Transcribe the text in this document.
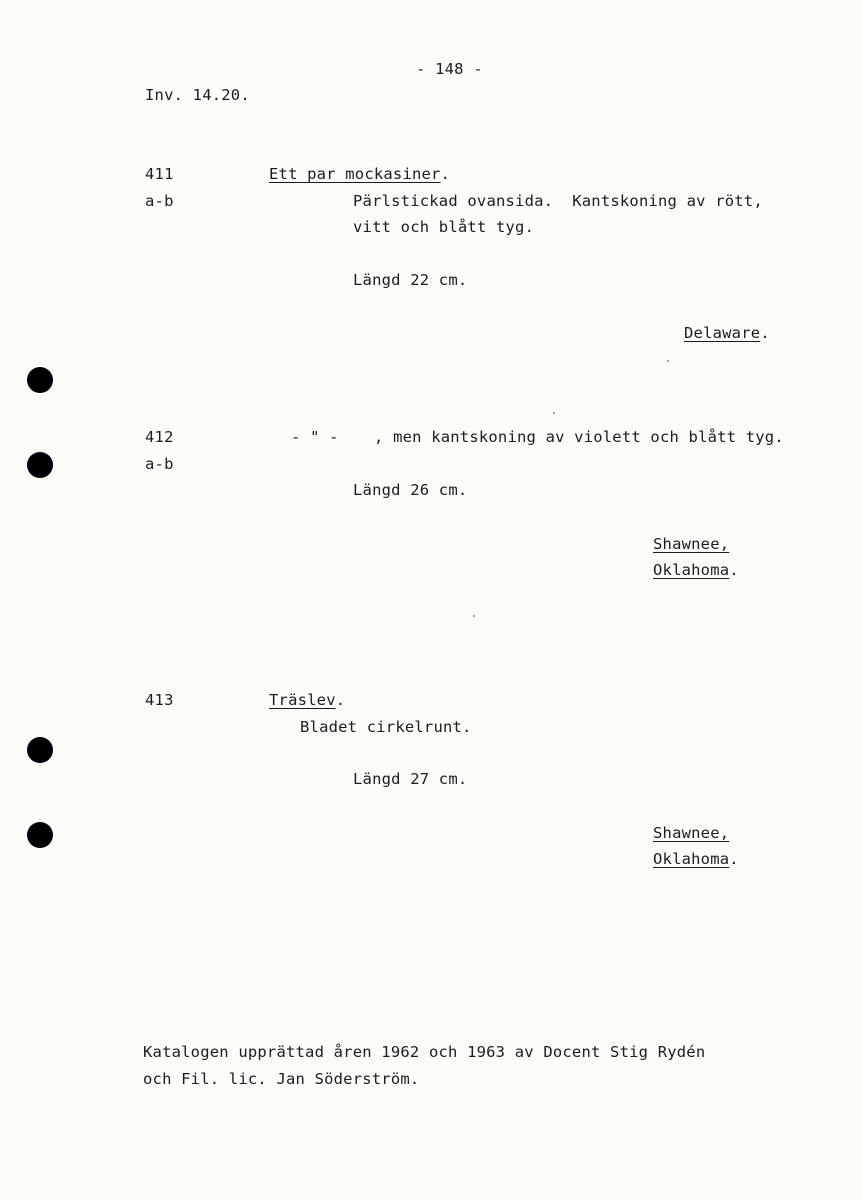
- 148 -
Inv. 14.20.
411
a-b
Ett par mockasiner.
Pärlstickad ovansida.  Kantskoning av rött,
vitt och blått tyg.
Längd 22 cm.
Delaware.
412
a-b
- " - , men kantskoning av violett och blått tyg.
Längd 26 cm.
Shawnee,
Oklahoma.
413	Träslev.
Bladet cirkelrunt.
Längd 27 cm.
Shawnee,
Oklahoma.
Katalogen upprättad åren 1962 och 1963 av Docent Stig Rydén
och Fil. lic. Jan Söderström.
